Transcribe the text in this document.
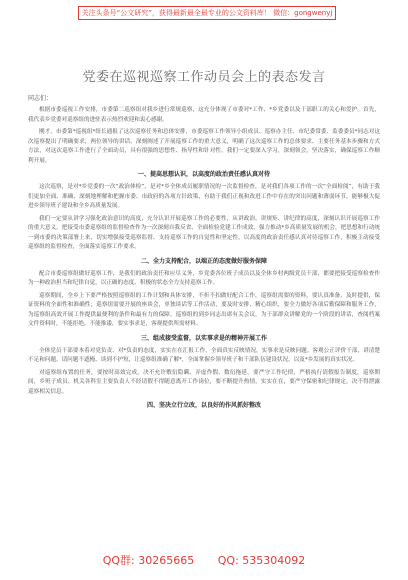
关注头条号“公文研究”，获得最新最全最专业的公文资料库！ 微信：gongwenyj
党委在巡视巡察工作动员会上的表态发言

同志们：

根据市委巡视工作安排，市委第二巡察组对我乡进行常规巡察，这充分体现了市委对*工作、*乡党委以及干部职工的关心和爱护。首先，我代表乡党委对巡察组的进驻表示热烈欢迎和衷心感谢。

刚才，市委第*巡视组*组长通报了这次巡察任务和总体安排，市委巡察工作领导小组成员、巡察办主任、市纪委常委、监委委员*同志对这次巡察提出了明确要求，两位领导的讲话，深刻阐述了开展巡察工作的重大意义，明确了这次巡察工作的总体要求、主要任务基本步骤和方式方法，对这次巡察工作进行了全面动员，具有很强的思想性、指导性和针对性。我们一定要深入学习，深刻领会，坚决落实，确保巡察工作顺利开展。

一、提高思想认识，以高度的政治责任感认真对待

这次巡察，是对*乡党委的一次“政治体检”，是对*乡全体成员履职情况的一次监督检查，是对我们各项工作的一次“全面检阅”，有助于我们更加全面、准确、深刻地理解和把握市委、市政府的各项方针政策，有助于我们正视和改进工作中存在的突出问题和薄弱环节，能够极大促进乡领导班子建设和全乡高质量发展。

我们一定要从讲学习强化政治意识的高度，充分认识开展巡察工作的必要性，从讲政治、讲规矩、讲纪律的高度，深刻认识开展巡察工作的重大意义，把接受市委巡察组的监督检查作为一次深刻自我反省、全面检验党建工作成效、强力推动*乡高质量发展的机会，把思想和行动统一到市委的决策部署上来，切实增强接受巡察监督、支持巡察工作的自觉性和坚定性，以高度的政治责任感认真对待巡察工作，积极主动接受巡察组的监督检查，全面落实巡察工作要求。

二、全力支持配合，以端正的态度做好服务保障

配合市委巡察组做好巡察工作，是我们的政治责任和应尽义务，乡党委各位班子成员以及全体乡村两级党员干部，都要把接受巡察检查作为一种政治担当和纪律自觉，以正确的态度、积极的状态全力支持巡察工作。

巡察期间，全乡上下要严格按照巡察组的工作计划和具体安排，不折不扣做好配合工作，巡察组需要的资料，要认真准备，及时提供，保证资料的全面性和准确性；巡察组需要开展的座谈会，单独谈话等工作活动，要及时安排，精心组织，要全力做好各项后勤保障和服务工作，为巡察组高效开展工作提供最便利的条件和最有力的保障。巡察组的到乡同志出席有关会议，为干部群众讲解党的一个阶段的讲话，查阅档案文件资料时，不能拒绝，不能推诿，要实事求是，客观提供所需材料。

三、组成接受监督，以实事求是的精神开展工作

全体党员干部要本着对党负责、对*负责的态度，实实在在汇报工作，全面真实反映情况，实事求是反映问题。客观公正评价干部，讲清楚不足和问题。请问题不遮掩、谈到不护短，让巡察组准确了解*，全面掌握乡领导班子和干部队伍建设状况，以及*乡发展的真实状况。

对巡察组布置的任务，要按时高效完成，决不允许敷衍隐瞒、弄虚作假、数衍拖延。要严守工作纪律，严格执行请假报告制度，巡察期间，乡班子成员、机关各科室主要负责人不经请假不得随意离开工作岗位，要不断提升热情，实实在在，要严守保密和纪律规定，决不得泄露巡察相关信息。

四、坚决立行立改，以良好的作风抓好整改
QQ群: 30265665 QQ: 535304092
